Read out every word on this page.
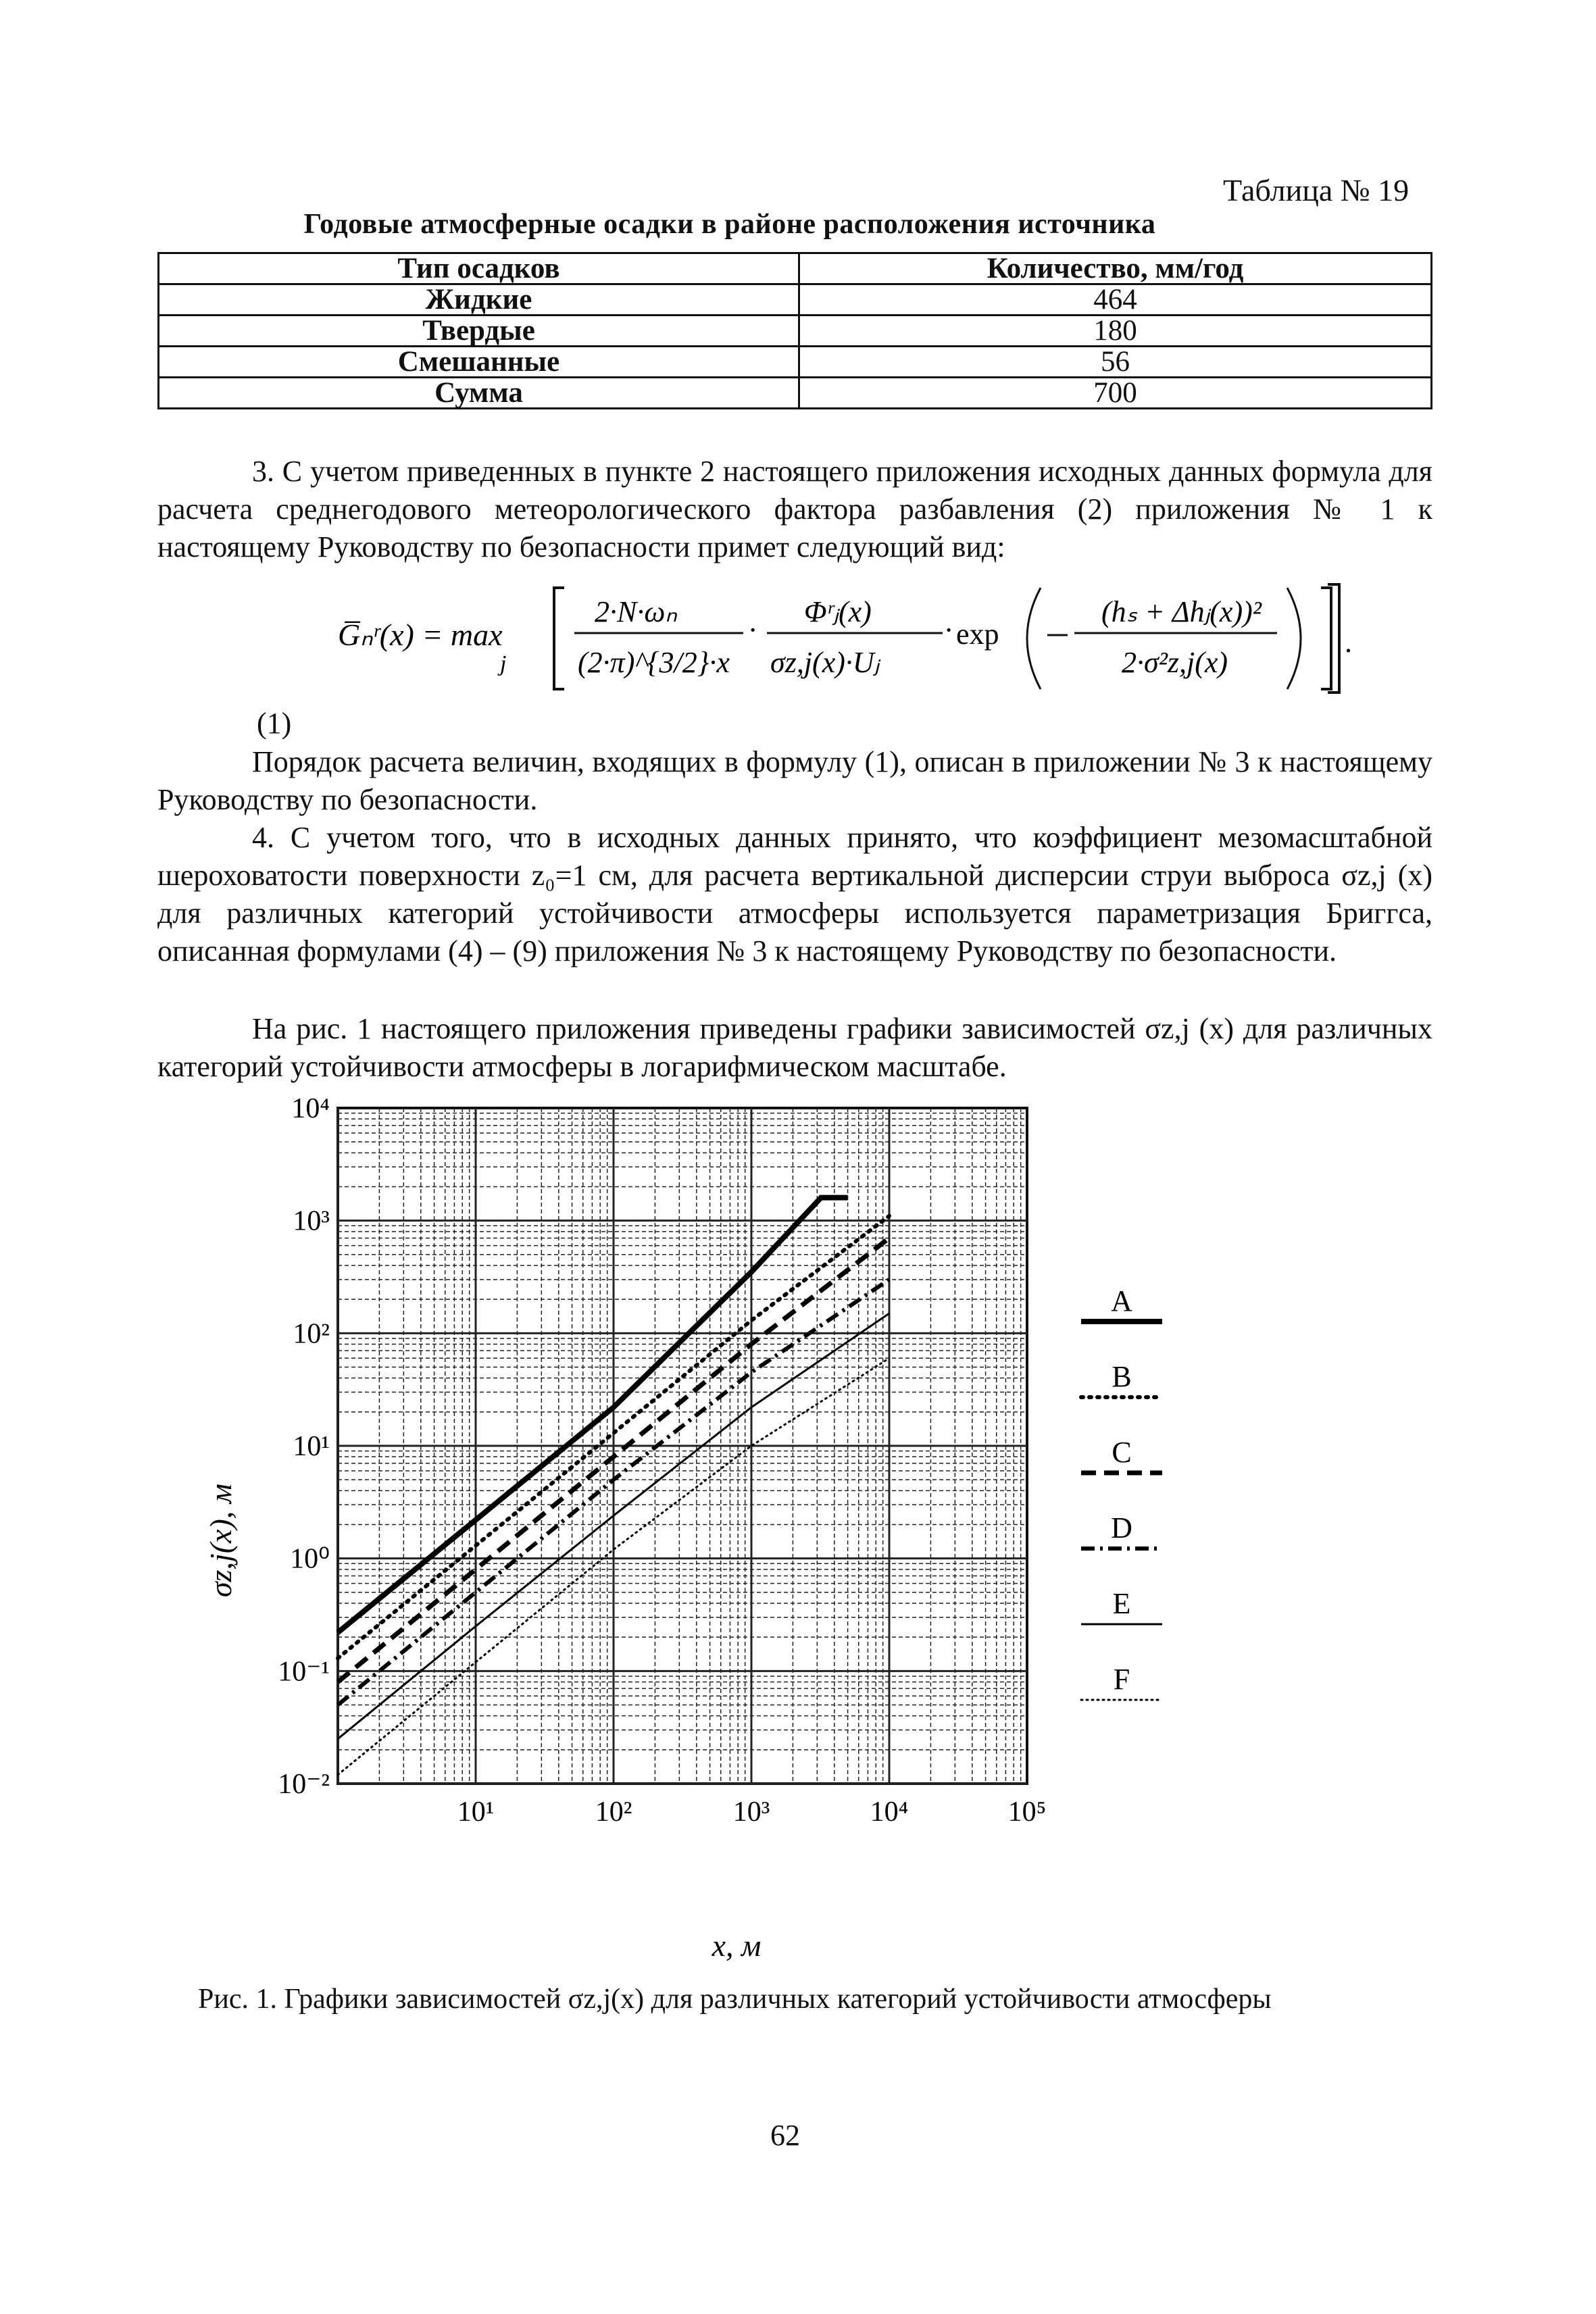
Таблица № 19
Годовые атмосферные осадки в районе расположения источника
Тип осадков	Количество, мм/год
Жидкие	464
Твердые	180
Смешанные	56
Сумма	700
3. С учетом приведенных в пункте 2 настоящего приложения исходных данных формула для расчета среднегодового метеорологического фактора разбавления (2) приложения № 1 к настоящему Руководству по безопасности примет следующий вид:
G̅ₙʳ(x) = max
j
2·N·ωₙ
(2·π)^{3/2}·x
·
Φʳⱼ(x)
σz,j(x)·Uⱼ
· exp
(hₛ + Δhⱼ(x))²
2·σ²z,j(x)
.
(1)
Порядок расчета величин, входящих в формулу (1), описан в приложении № 3 к настоящему Руководству по безопасности.
4. С учетом того, что в исходных данных принято, что коэффициент мезомасштабной шероховатости поверхности z₀=1 см, для расчета вертикальной дисперсии струи выброса σz,j (x) для различных категорий устойчивости атмосферы используется параметризация Бриггса, описанная формулами (4) – (9) приложения № 3 к настоящему Руководству по безопасности.
На рис. 1 настоящего приложения приведены графики зависимостей σz,j (x) для различных категорий устойчивости атмосферы в логарифмическом масштабе.
10¹	10²	10³	10⁴	10⁵
10⁻²
10⁻¹
10⁰
10¹
10²
10³
10⁴
A
B
C
D
E
F
σz,j(x), м
x, м
Рис. 1. Графики зависимостей σz,j(x) для различных категорий устойчивости атмосферы
62
